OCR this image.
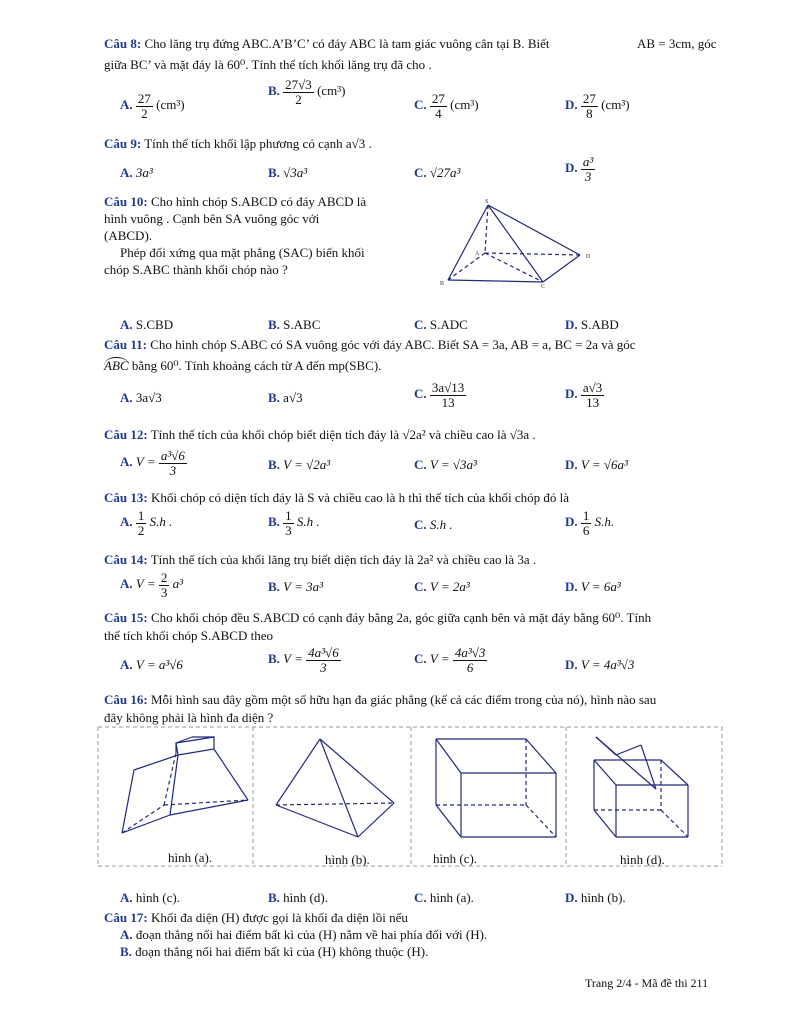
Câu 8: Cho lăng trụ đứng ABC.A’B’C’ có đáy ABC là tam giác vuông cân tại B. Biết	AB = 3cm, góc
giữa BC’ và mặt đáy là 60⁰. Tính thể tích khối lăng trụ đã cho .
A. $\frac{27}{2} (cm^3)$
B. $\frac{27√3}{2} (cm^3)$
C. $\frac{27}{4} (cm^3)$	D. $\frac{27}{8} (cm^3)$
Câu 9: Tính thể tích khối lập phương có cạnh a√3 .
A. 3a³	B. √3a³	C. √27a³	D. $\frac{\text{a³}}{3}$
Câu 10: Cho hình chóp S.ABCD có đáy ABCD là
hình vuông . Cạnh bên SA vuông góc với
(ABCD).
Phép đối xứng qua mặt phẳng (SAC) biến khối
chóp S.ABC thành khối chóp nào ?
S
A
B	C
D
A. S.CBD	B. S.ABC	C. S.ADC	D. S.ABD
Câu 11: Cho hình chóp S.ABC có SA vuông góc với đáy ABC. Biết SA = 3a, AB = a, BC = 2a và góc
ABC bằng 60⁰. Tính khoảng cách từ A đến mp(SBC).
A. 3a√3	B. a√3	C. $\frac{3a√13}{13}$	D. $\frac{a√3}{13}$
Câu 12: Tính thể tích của khối chóp biết diện tích đáy là √2a² và chiều cao là √3a .
A. $V = \frac{\text{a³√6}}{3}$	B. V = √2a³	C. V = √3a³	D. V = √6a³
Câu 13: Khối chóp có diện tích đáy là S và chiều cao là h thì thể tích của khối chóp đó là
A. $\frac{1}{2} S.h$ .	B. $\frac{1}{3} S.h$ .	C. S.h .	D. $\frac{1}{6} S.h$.
Câu 14: Tính thể tích của khối lăng trụ biết diện tích đáy là 2a² và chiều cao là 3a .
A. $V = \frac{2}{3} a^3$	B. V = 3a³	C. V = 2a³	D. V = 6a³
Câu 15: Cho khối chóp đều S.ABCD có cạnh đáy bằng 2a, góc giữa cạnh bên và mặt đáy bằng 60⁰. Tính
thể tích khối chóp S.ABCD theo
A. V = a³√6	B. $V = \frac{\text{4a³√6}}{3}$	C. $V = \frac{\text{4a³√3}}{6}$	D. V = 4a³√3
Câu 16: Mỗi hình sau đây gồm một số hữu hạn đa giác phẳng (kể cả các điểm trong của nó), hình nào sau
đây không phải là hình đa diện ?
hình (a).	hình (b).	hình (c).	hình (d).
A. hình (c).	B. hình (d).	C. hình (a).	D. hình (b).
Câu 17: Khối đa diện (H) được gọi là khối đa diện lồi nếu
A. đoạn thẳng nối hai điểm bất kì của (H) nằm về hai phía đối với (H).
B. đoạn thẳng nối hai điểm bất kì của (H) không thuộc (H).
Trang 2/4 - Mã đề thi 211
